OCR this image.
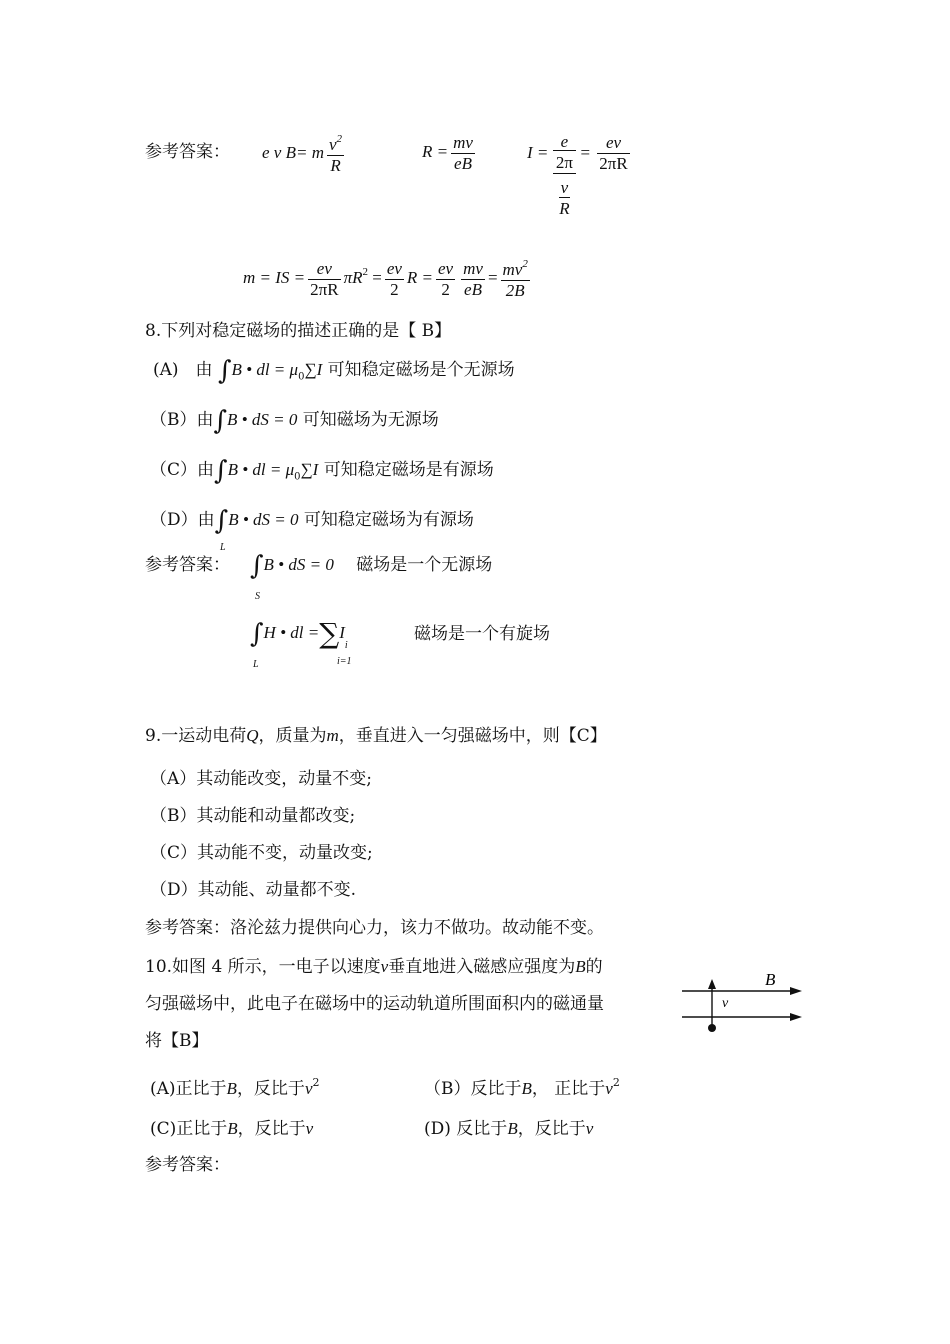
参考答案： e v B= m $\frac{v^2}{R}$	$R = \frac{mv}{eB}$	I =
e
2π
v
R
= $\frac{ev}{2\pi R}$
m = IS = $\frac{ev}{2\pi R} \pi R^2 = \frac{ev}{2}$ $R = \frac{ev}{2} \frac{mv}{eB} = \frac{mv^2}{2B}$
8.下列对稳定磁场的描述正确的是【 B】
(A)　由 ∫B • dl = $\mu_0\sum I$ 可知稳定磁场是个无源场
（B）由∫B • dS = 0 可知磁场为无源场
（C）由∫B • dl = $\mu_0\sum I$ 可知稳定磁场是有源场
（D）由∫B • dS = 0 可知稳定磁场为有源场
L
参考答案： ∫B • dS = 0　 磁场是一个无源场
S
∫H • dl $=\sum I_i$
磁场是一个有旋场
L	i=1
9.一运动电荷Q，质量为m，垂直进入一匀强磁场中，则【C】
（A）其动能改变，动量不变;
（B）其动能和动量都改变;
（C）其动能不变，动量改变;
（D）其动能、动量都不变.
参考答案：洛沦兹力提供向心力，该力不做功。故动能不变。
10.如图 4 所示，一电子以速度v垂直地进入磁感应强度为B的
匀强磁场中，此电子在磁场中的运动轨道所围面积内的磁通量
将【B】
B
v
(A)正比于B，反比于$v^2$	（B）反比于B， 正比于$v^2$
(C)正比于B，反比于v	(D) 反比于B，反比于v
参考答案：
